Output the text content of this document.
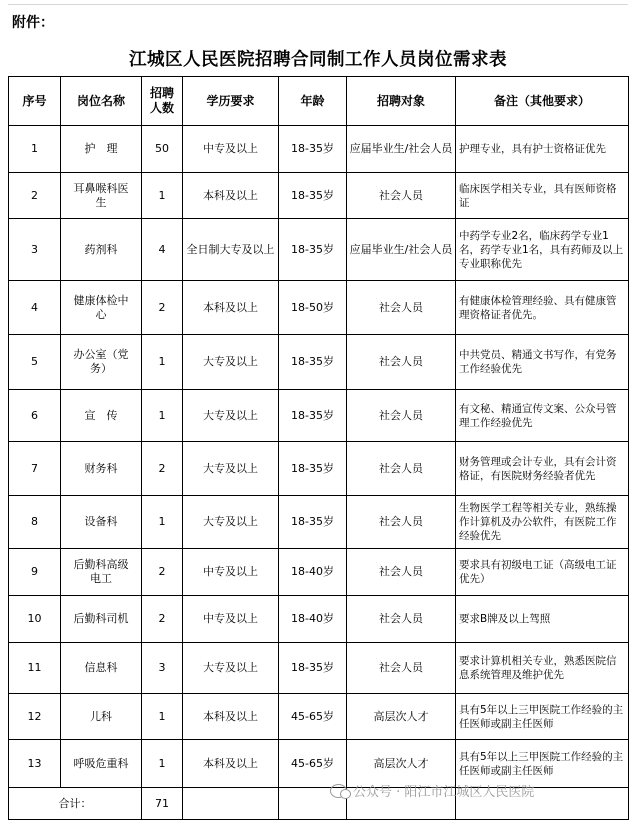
附件：
江城区人民医院招聘合同制工作人员岗位需求表
序号	岗位名称	招聘人数	学历要求	年龄	招聘对象	备注（其他要求）
1	护　理	50	中专及以上	18-35岁	应届毕业生/社会人员	护理专业，具有护士资格证优先
2	耳鼻喉科医生	1	本科及以上	18-35岁	社会人员	临床医学相关专业，具有医师资格证
3	药剂科	4	全日制大专及以上	18-35岁	应届毕业生/社会人员	中药学专业2名，临床药学专业1名，药学专业1名，具有药师及以上专业职称优先
4	健康体检中心	2	本科及以上	18-50岁	社会人员	有健康体检管理经验、具有健康管理资格证者优先。
5	办公室（党务）	1	大专及以上	18-35岁	社会人员	中共党员、精通文书写作，有党务工作经验优先
6	宣　传	1	大专及以上	18-35岁	社会人员	有文秘、精通宣传文案、公众号管理工作经验优先
7	财务科	2	大专及以上	18-35岁	社会人员	财务管理或会计专业，具有会计资格证，有医院财务经验者优先
8	设备科	1	大专及以上	18-35岁	社会人员	生物医学工程等相关专业，熟练操作计算机及办公软件，有医院工作经验优先
9	后勤科高级电工	2	中专及以上	18-40岁	社会人员	要求具有初级电工证（高级电工证优先）
10	后勤科司机	2	中专及以上	18-40岁	社会人员	要求B牌及以上驾照
11	信息科	3	大专及以上	18-35岁	社会人员	要求计算机相关专业，熟悉医院信息系统管理及维护优先
12	儿科	1	本科及以上	45-65岁	高层次人才	具有5年以上三甲医院工作经验的主任医师或副主任医师
13	呼吸危重科	1	本科及以上	45-65岁	高层次人才	具有5年以上三甲医院工作经验的主任医师或副主任医师
合计：		71				
公众号 · 阳江市江城区人民医院
